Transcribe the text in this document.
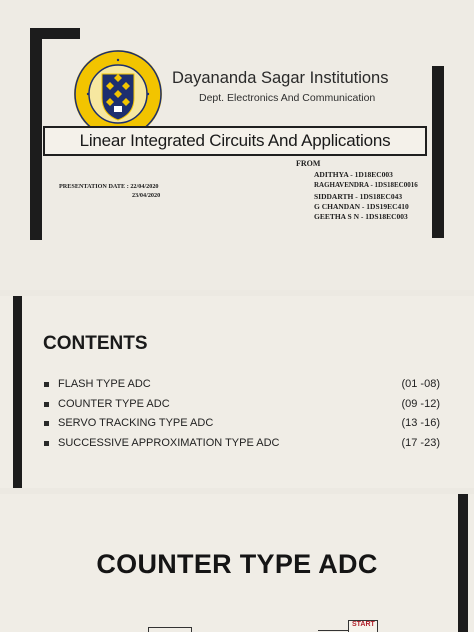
Dayananda Sagar Institutions
Dept. Electronics And Communication
Linear Integrated Circuits And Applications
FROM
ADITHYA - 1D18EC003
RAGHAVENDRA - 1DS18EC0016
SIDDARTH - 1DS18EC043
G CHANDAN - 1DS19EC410
GEETHA S N - 1DS18EC003
PRESENTATION DATE : 22/04/2020
23/04/2020
CONTENTS
FLASH TYPE ADC	(01 -08)
COUNTER TYPE ADC	(09 -12)
SERVO TRACKING TYPE ADC	(13 -16)
SUCCESSIVE APPROXIMATION TYPE ADC	(17 -23)
COUNTER TYPE ADC
START
